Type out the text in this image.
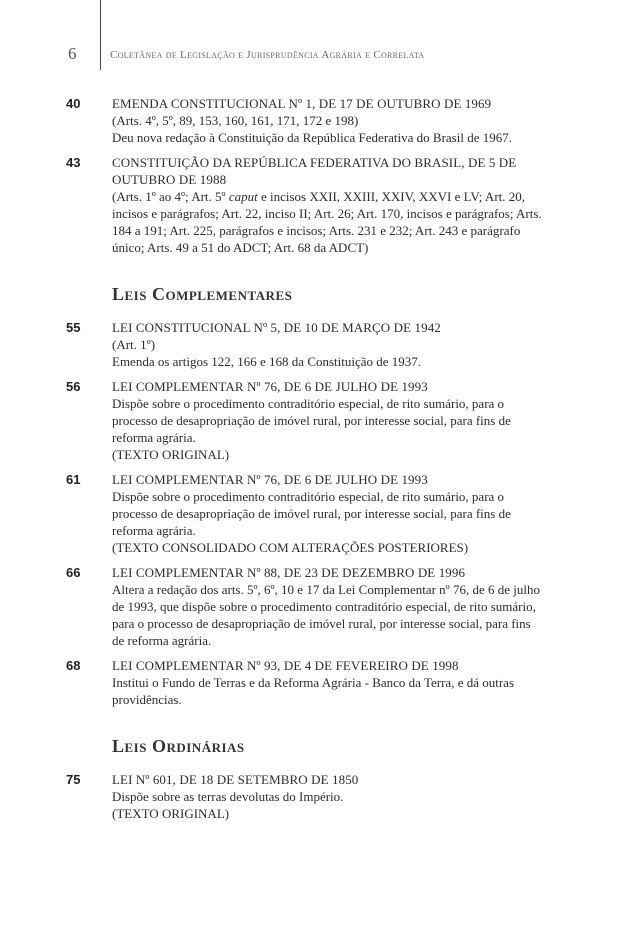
6	Coletânea de Legislação e Jurisprudência Agrária e Correlata
40	EMENDA CONSTITUCIONAL Nº 1, DE 17 DE OUTUBRO DE 1969
(Arts. 4º, 5º, 89, 153, 160, 161, 171, 172 e 198)
Deu nova redação à Constituição da República Federativa do Brasil de 1967.
43	CONSTITUIÇÃO DA REPÚBLICA FEDERATIVA DO BRASIL, DE 5 DE OUTUBRO DE 1988
(Arts. 1º ao 4º; Art. 5º caput e incisos XXII, XXIII, XXIV, XXVI e LV; Art. 20, incisos e parágrafos; Art. 22, inciso II; Art. 26; Art. 170, incisos e parágrafos; Arts. 184 a 191; Art. 225, parágrafos e incisos; Arts. 231 e 232; Art. 243 e parágrafo único; Arts. 49 a 51 do ADCT; Art. 68 da ADCT)
Leis Complementares
55	LEI CONSTITUCIONAL Nº 5, DE 10 DE MARÇO DE 1942
(Art. 1º)
Emenda os artigos 122, 166 e 168 da Constituição de 1937.
56	LEI COMPLEMENTAR Nº 76, DE 6 DE JULHO DE 1993
Dispõe sobre o procedimento contraditório especial, de rito sumário, para o processo de desapropriação de imóvel rural, por interesse social, para fins de reforma agrária.
(TEXTO ORIGINAL)
61	LEI COMPLEMENTAR Nº 76, DE 6 DE JULHO DE 1993
Dispõe sobre o procedimento contraditório especial, de rito sumário, para o processo de desapropriação de imóvel rural, por interesse social, para fins de reforma agrária.
(TEXTO CONSOLIDADO COM ALTERAÇÕES POSTERIORES)
66	LEI COMPLEMENTAR Nº 88, DE 23 DE DEZEMBRO DE 1996
Altera a redação dos arts. 5º, 6º, 10 e 17 da Lei Complementar nº 76, de 6 de julho de 1993, que dispõe sobre o procedimento contraditório especial, de rito sumário, para o processo de desapropriação de imóvel rural, por interesse social, para fins de reforma agrária.
68	LEI COMPLEMENTAR Nº 93, DE 4 DE FEVEREIRO DE 1998
Institui o Fundo de Terras e da Reforma Agrária - Banco da Terra, e dá outras providências.
Leis Ordinárias
75	LEI Nº 601, DE 18 DE SETEMBRO DE 1850
Dispõe sobre as terras devolutas do Império.
(TEXTO ORIGINAL)
